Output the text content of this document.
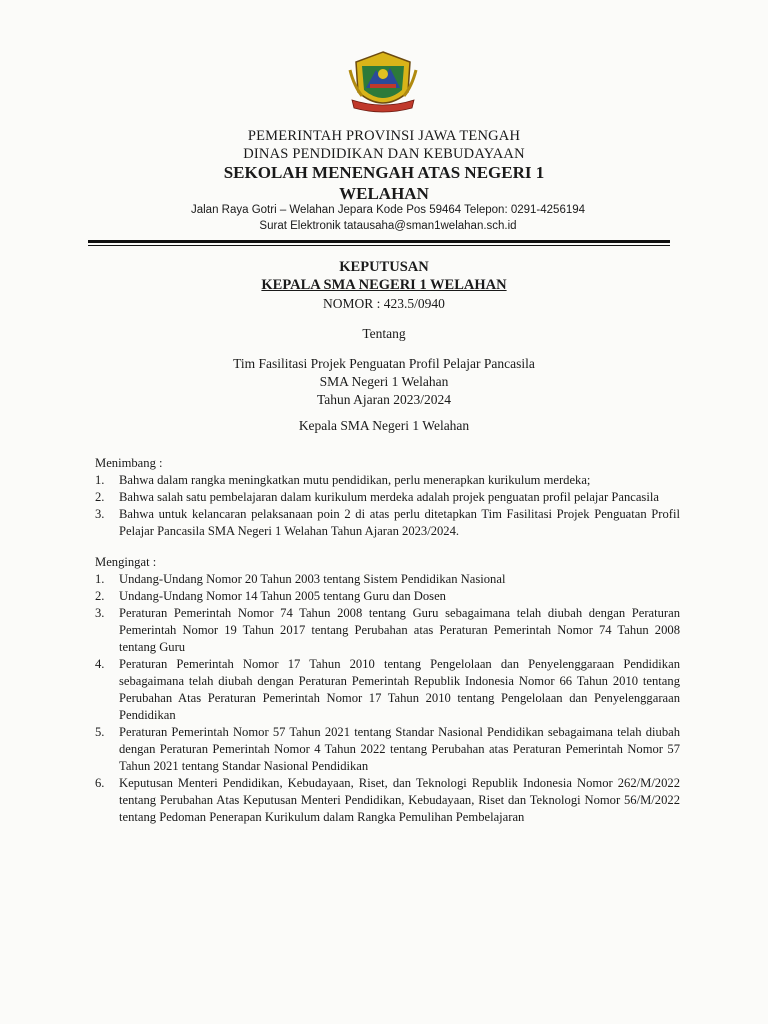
PEMERINTAH PROVINSI JAWA TENGAH
DINAS PENDIDIKAN DAN KEBUDAYAAN
SEKOLAH MENENGAH ATAS NEGERI 1
WELAHAN
Jalan Raya Gotri – Welahan Jepara Kode Pos 59464 Telepon: 0291-4256194
Surat Elektronik tatausaha@sman1welahan.sch.id
KEPUTUSAN
KEPALA SMA NEGERI 1 WELAHAN
NOMOR : 423.5/0940
Tentang
Tim Fasilitasi Projek Penguatan Profil Pelajar Pancasila
SMA Negeri 1 Welahan
Tahun Ajaran 2023/2024
Kepala SMA Negeri 1 Welahan

Menimbang :

1. Bahwa dalam rangka meningkatkan mutu pendidikan, perlu menerapkan kurikulum merdeka;
2. Bahwa salah satu pembelajaran dalam kurikulum merdeka adalah projek penguatan profil pelajar Pancasila
3. Bahwa untuk kelancaran pelaksanaan poin 2 di atas perlu ditetapkan Tim Fasilitasi Projek Penguatan Profil Pelajar Pancasila SMA Negeri 1 Welahan Tahun Ajaran 2023/2024.

Mengingat :

1. Undang-Undang Nomor 20 Tahun 2003 tentang Sistem Pendidikan Nasional
2. Undang-Undang Nomor 14 Tahun 2005 tentang Guru dan Dosen
3. Peraturan Pemerintah Nomor 74 Tahun 2008 tentang Guru sebagaimana telah diubah dengan Peraturan Pemerintah Nomor 19 Tahun 2017 tentang Perubahan atas Peraturan Pemerintah Nomor 74 Tahun 2008 tentang Guru
4. Peraturan Pemerintah Nomor 17 Tahun 2010 tentang Pengelolaan dan Penyelenggaraan Pendidikan sebagaimana telah diubah dengan Peraturan Pemerintah Republik Indonesia Nomor 66 Tahun 2010 tentang Perubahan Atas Peraturan Pemerintah Nomor 17 Tahun 2010 tentang Pengelolaan dan Penyelenggaraan Pendidikan
5. Peraturan Pemerintah Nomor 57 Tahun 2021 tentang Standar Nasional Pendidikan sebagaimana telah diubah dengan Peraturan Pemerintah Nomor 4 Tahun 2022 tentang Perubahan atas Peraturan Pemerintah Nomor 57 Tahun 2021 tentang Standar Nasional Pendidikan
6. Keputusan Menteri Pendidikan, Kebudayaan, Riset, dan Teknologi Republik Indonesia Nomor 262/M/2022 tentang Perubahan Atas Keputusan Menteri Pendidikan, Kebudayaan, Riset dan Teknologi Nomor 56/M/2022 tentang Pedoman Penerapan Kurikulum dalam Rangka Pemulihan Pembelajaran
